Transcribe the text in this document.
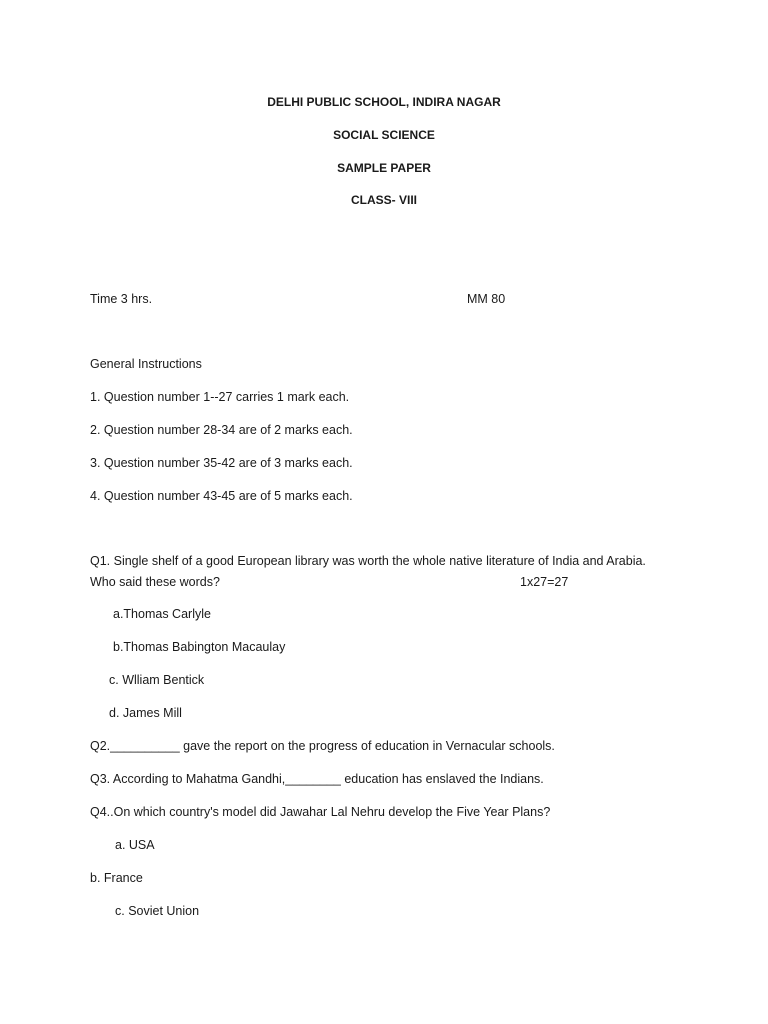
DELHI PUBLIC SCHOOL, INDIRA NAGAR
SOCIAL SCIENCE
SAMPLE PAPER
CLASS- VIII
Time 3 hrs.	MM 80
General Instructions
1. Question number 1--27 carries 1 mark each.
2. Question number 28-34 are of 2 marks each.
3. Question number 35-42 are of 3 marks each.
4. Question number 43-45 are of 5 marks each.
Q1. Single shelf of a good European library was worth the whole native literature of India and Arabia.
Who said these words?	1x27=27
a.Thomas Carlyle
b.Thomas Babington Macaulay
c. Wlliam Bentick
d. James Mill
Q2.__________ gave the report on the progress of education in Vernacular schools.
Q3. According to Mahatma Gandhi,________ education has enslaved the Indians.
Q4..On which country's model did Jawahar Lal Nehru develop the Five Year Plans?
a. USA
b. France
c. Soviet Union
